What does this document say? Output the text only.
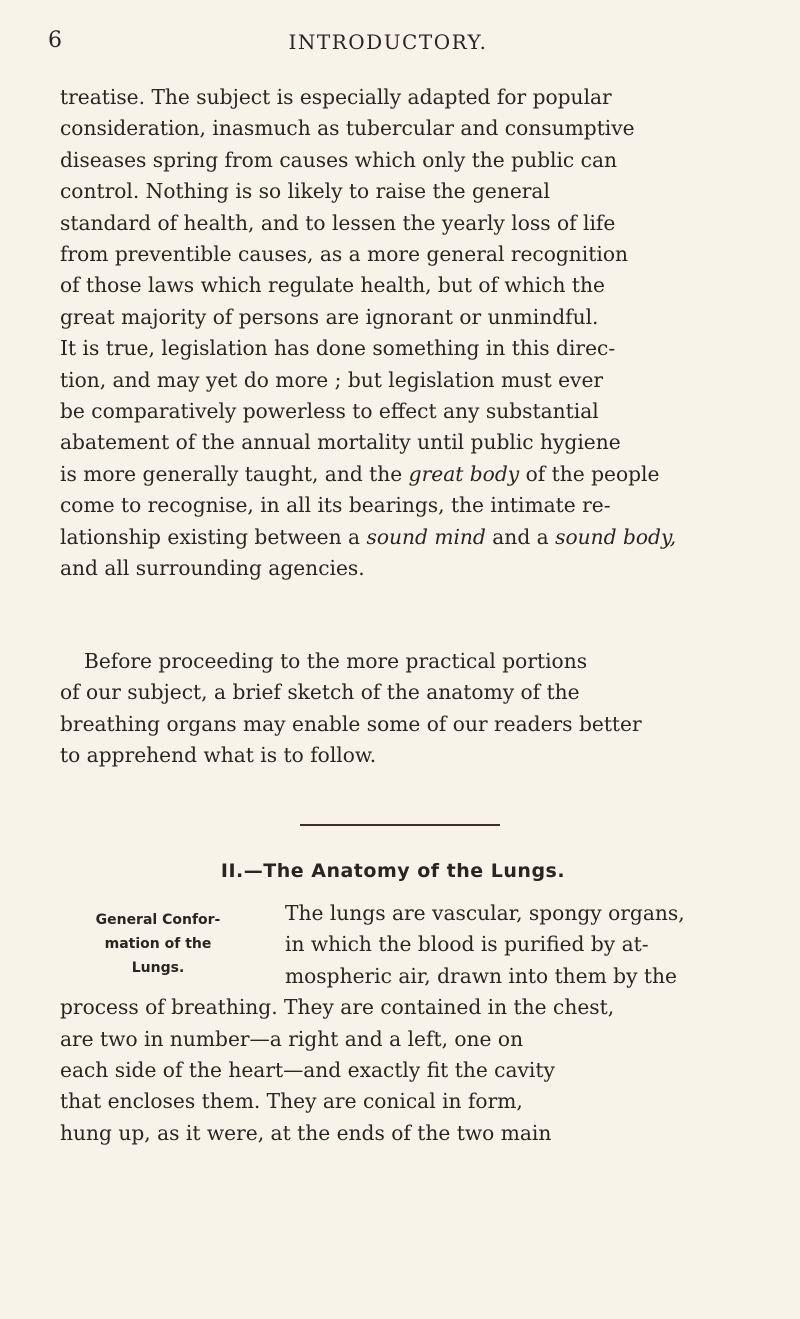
6	INTRODUCTORY.

treatise. The subject is especially adapted for popular
consideration, inasmuch as tubercular and consumptive
diseases spring from causes which only the public can
control. Nothing is so likely to raise the general
standard of health, and to lessen the yearly loss of life
from preventible causes, as a more general recognition
of those laws which regulate health, but of which the
great majority of persons are ignorant or unmindful.
It is true, legislation has done something in this direc-
tion, and may yet do more ; but legislation must ever
be comparatively powerless to effect any substantial
abatement of the annual mortality until public hygiene
is more generally taught, and the great body of the people
come to recognise, in all its bearings, the intimate re-
lationship existing between a sound mind and a sound body,
and all surrounding agencies.

Before proceeding to the more practical portions
of our subject, a brief sketch of the anatomy of the
breathing organs may enable some of our readers better
to apprehend what is to follow.

II.—The Anatomy of the Lungs.
General Confor-
mation of the
Lungs.

The lungs are vascular, spongy organs,
in which the blood is purified by at-
mospheric air, drawn into them by the
process of breathing. They are contained in the chest,
are two in number—a right and a left, one on
each side of the heart—and exactly fit the cavity
that encloses them. They are conical in form,
hung up, as it were, at the ends of the two main
